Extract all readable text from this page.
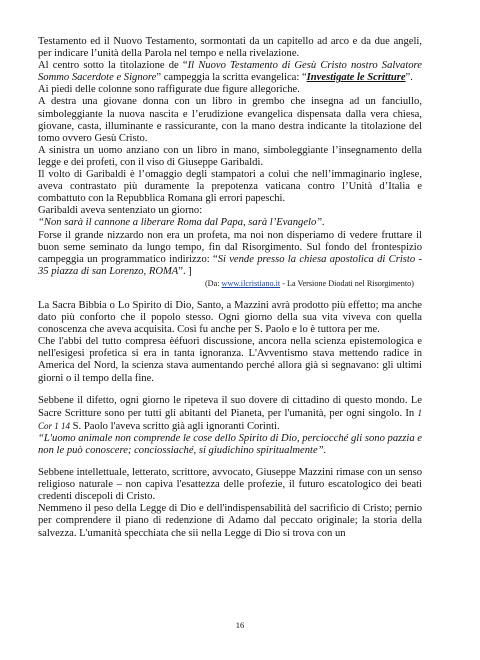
Testamento ed il Nuovo Testamento, sormontati da un capitello ad arco e da due angeli, per indicare l’unità della Parola nel tempo e nella rivelazione.

Al centro sotto la titolazione de “Il Nuovo Testamento di Gesù Cristo nostro Salvatore Sommo Sacerdote e Signore” campeggia la scritta evangelica: “Investigate le Scritture”.

Ai piedi delle colonne sono raffigurate due figure allegoriche.

A destra una giovane donna con un libro in grembo che insegna ad un fanciullo, simboleggiante la nuova nascita e l’erudizione evangelica dispensata dalla vera chiesa, giovane, casta, illuminante e rassicurante, con la mano destra indicante la titolazione del tomo ovvero Gesù Cristo.

A sinistra un uomo anziano con un libro in mano, simboleggiante l’insegnamento della legge e dei profeti, con il viso di Giuseppe Garibaldi.

Il volto di Garibaldi è l’omaggio degli stampatori a colui che nell’immaginario inglese, aveva contrastato più duramente la prepotenza vaticana contro l’Unità d’Italia e combattuto con la Repubblica Romana gli errori papeschi.

Garibaldi aveva sentenziato un giorno:

“Non sarà il cannone a liberare Roma dal Papa, sarà l’Evangelo”.

Forse il grande nizzardo non era un profeta, ma noi non disperiamo di vedere fruttare il buon seme seminato da lungo tempo, fin dal Risorgimento. Sul fondo del frontespizio campeggia un programmatico indirizzo: “Si vende presso la chiesa apostolica di Cristo - 35 piazza di san Lorenzo, ROMA”. ]

(Da: www.ilcristiano.it - La Versione Diodati nel Risorgimento)

La Sacra Bibbia o Lo Spirito di Dio, Santo, a Mazzini avrà prodotto più effetto; ma anche dato più conforto che il popolo stesso. Ogni giorno della sua vita viveva con quella conoscenza che aveva acquisita. Così fu anche per S. Paolo e lo è tuttora per me.

Che l'abbi del tutto compresa èéfuori discussione, ancora nella scienza epistemologica e nell'esigesi profetica si era in tanta ignoranza. L'Avventismo stava mettendo radice in America del Nord, la scienza stava aumentando perché allora già si segnavano: gli ultimi giorni o il tempo della fine.

Sebbene il difetto, ogni giorno le ripeteva il suo dovere di cittadino di questo mondo. Le Sacre Scritture sono per tutti gli abitanti del Pianeta, per l'umanità, per ogni singolo. In 1 Cor 1 14 S. Paolo l'aveva scritto già agli ignoranti Corinti.

“L'uomo animale non comprende le cose dello Spirito di Dio, perciocché gli sono pazzia e non le può conoscere; conciossiaché, si giudichino spiritualmente”.

Sebbene intellettuale, letterato, scrittore, avvocato, Giuseppe Mazzini rimase con un senso religioso naturale – non capiva l'esattezza delle profezie, il futuro escatologico dei beati credenti discepoli di Cristo.

Nemmeno il peso della Legge di Dio e dell'indispensabilità del sacrificio di Cristo; pernio per comprendere il piano di redenzione di Adamo dal peccato originale; la storia della salvezza. L'umanità specchiata che sii nella Legge di Dio si trova con un

16
